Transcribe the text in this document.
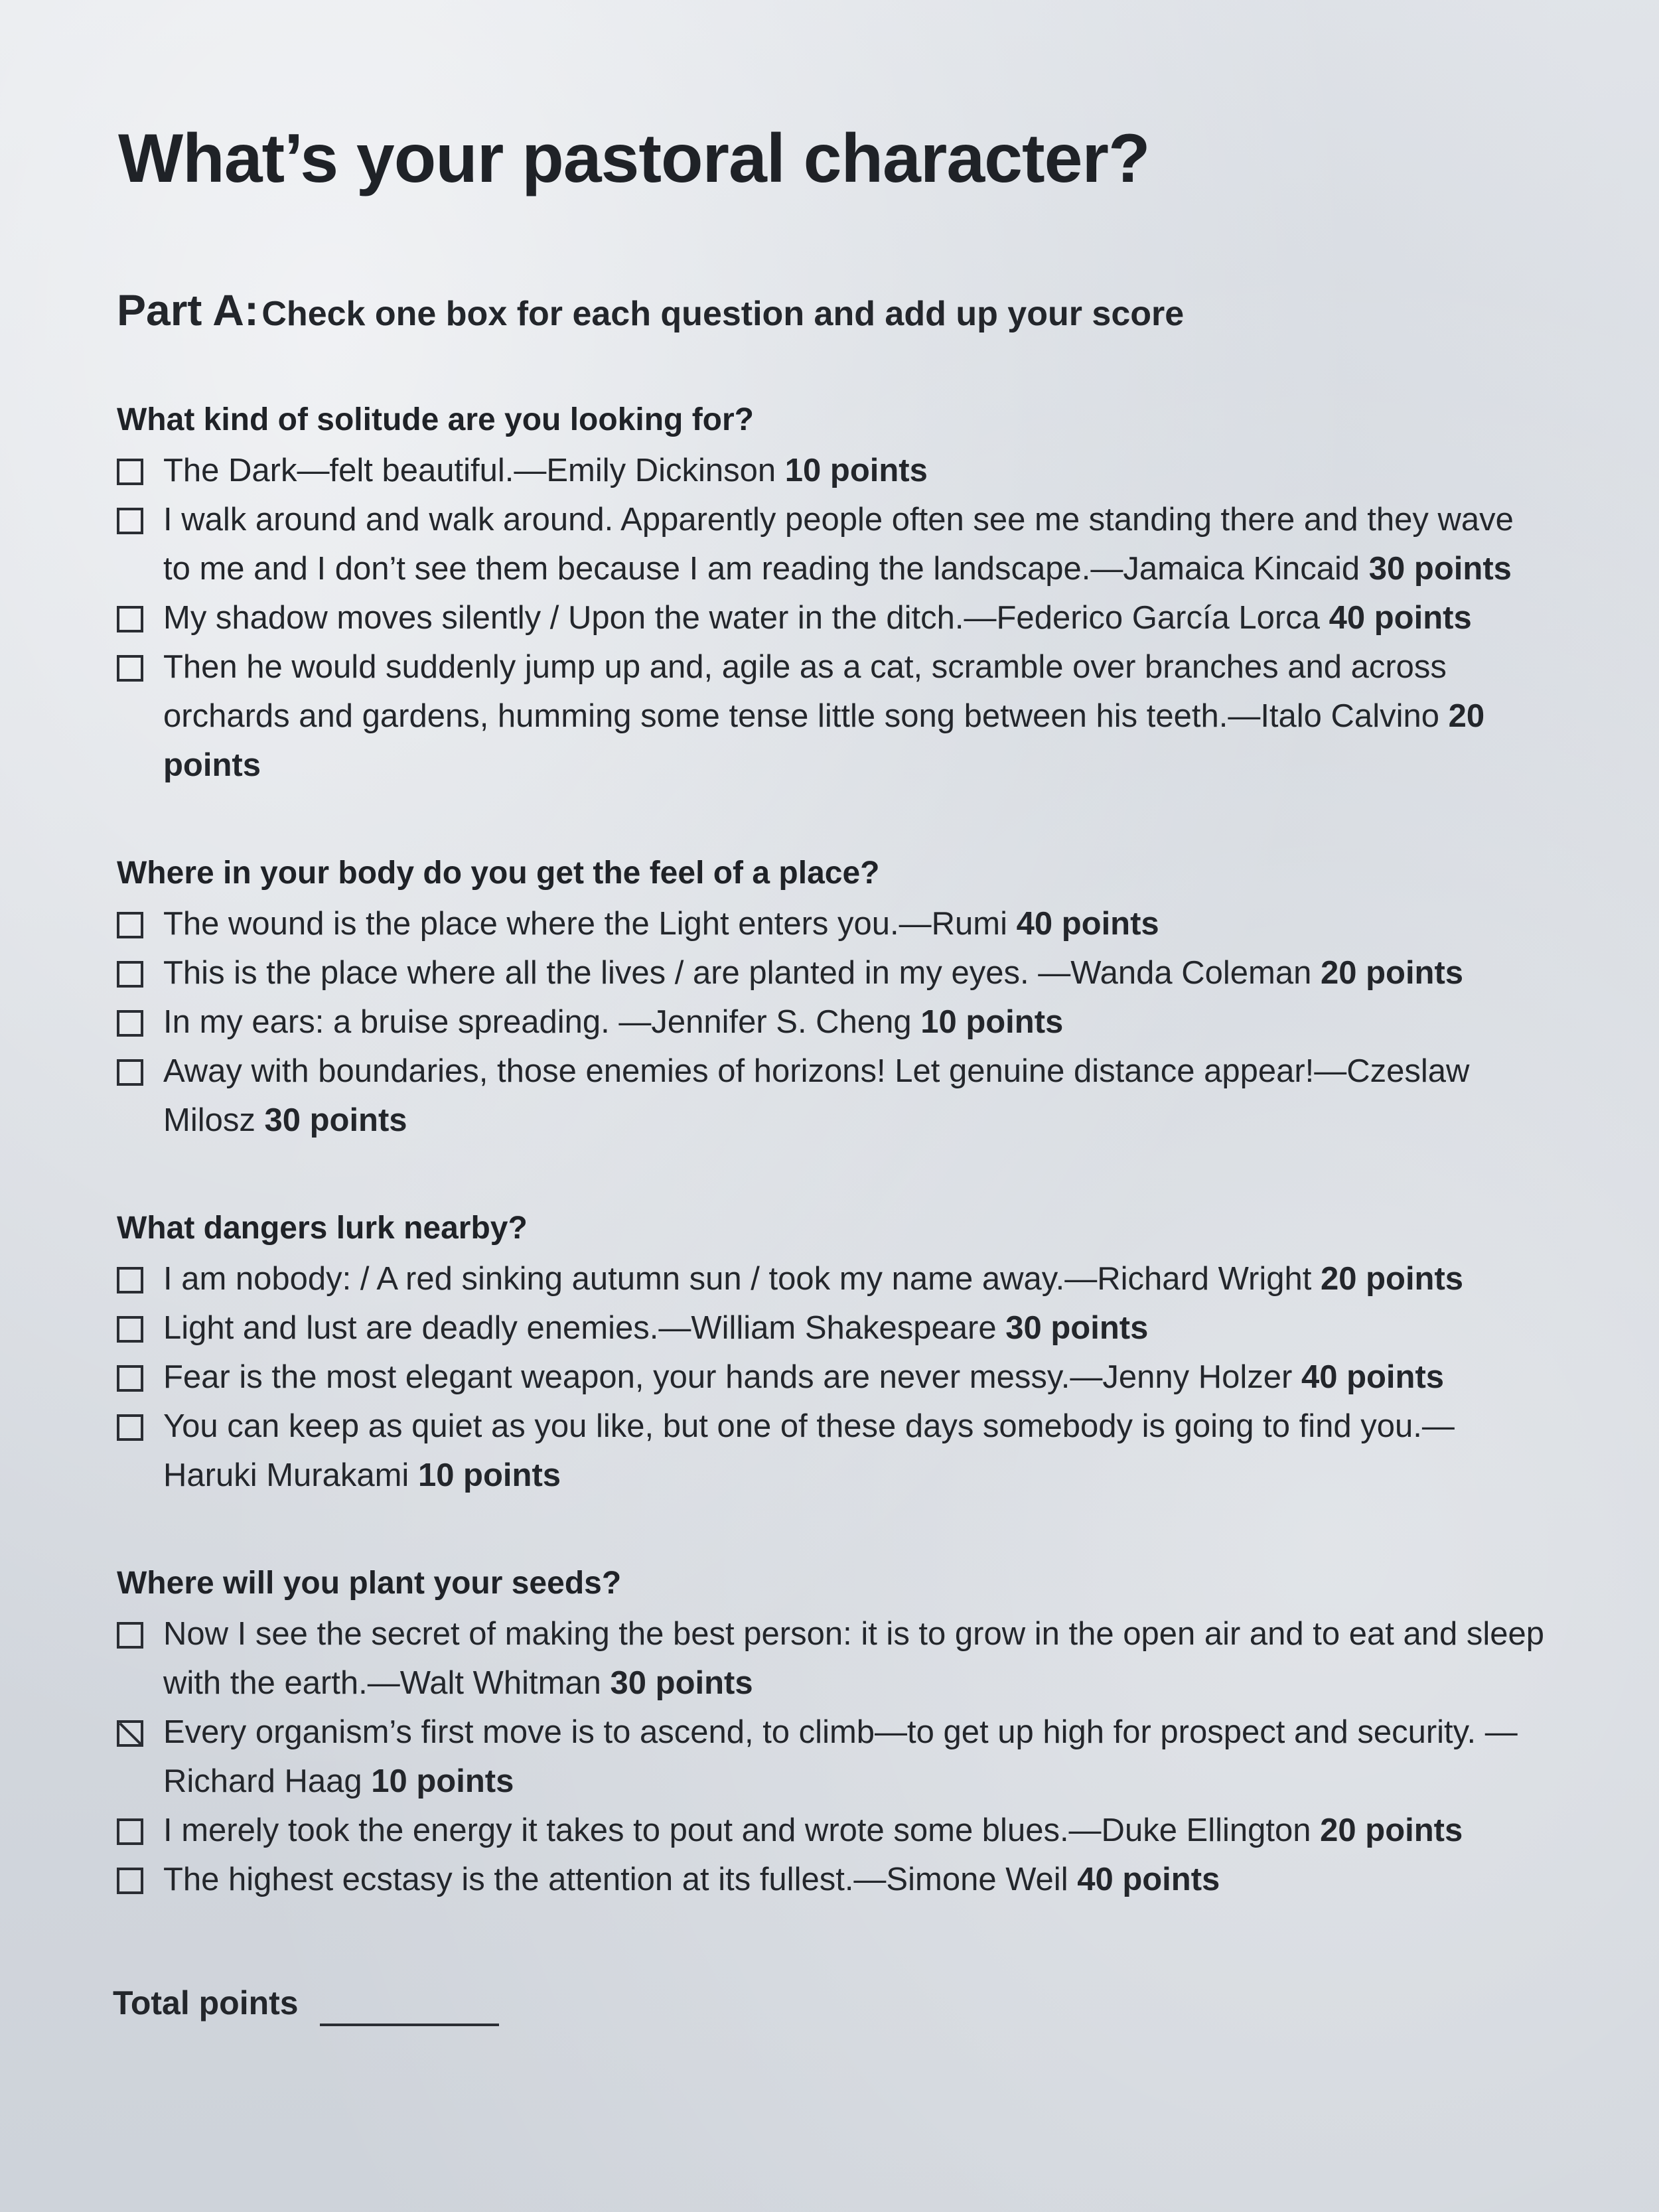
What’s your pastoral character?
Part A: Check one box for each question and add up your score
What kind of solitude are you looking for?
The Dark—felt beautiful.—Emily Dickinson 10 points
I walk around and walk around. Apparently people often see me standing there and they wave to me and I don’t see them because I am reading the landscape.—Jamaica Kincaid 30 points
My shadow moves silently / Upon the water in the ditch.—Federico García Lorca 40 points
Then he would suddenly jump up and, agile as a cat, scramble over branches and across orchards and gardens, humming some tense little song between his teeth.—Italo Calvino 20 points
Where in your body do you get the feel of a place?
The wound is the place where the Light enters you.—Rumi 40 points
This is the place where all the lives / are planted in my eyes. —Wanda Coleman 20 points
In my ears: a bruise spreading. —Jennifer S. Cheng 10 points
Away with boundaries, those enemies of horizons! Let genuine distance appear!—Czeslaw Milosz 30 points
What dangers lurk nearby?
I am nobody: / A red sinking autumn sun / took my name away.—Richard Wright 20 points
Light and lust are deadly enemies.—William Shakespeare 30 points
Fear is the most elegant weapon, your hands are never messy.—Jenny Holzer 40 points
You can keep as quiet as you like, but one of these days somebody is going to find you.—Haruki Murakami 10 points
Where will you plant your seeds?
Now I see the secret of making the best person: it is to grow in the open air and to eat and sleep with the earth.—Walt Whitman 30 points
Every organism’s first move is to ascend, to climb—to get up high for prospect and security. —Richard Haag 10 points
I merely took the energy it takes to pout and wrote some blues.—Duke Ellington 20 points
The highest ecstasy is the attention at its fullest.—Simone Weil 40 points
Total points
